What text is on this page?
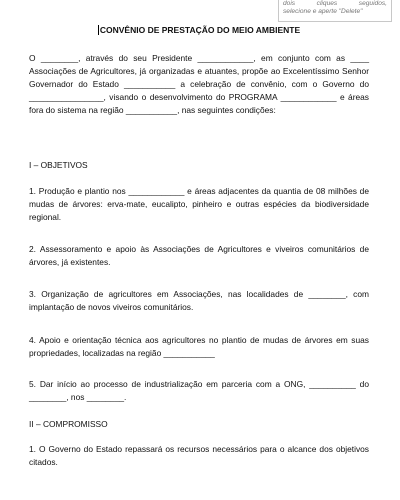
dois cliques seguidos,
selecione e aperte "Delete"
CONVÊNIO DE PRESTAÇÃO DO MEIO AMBIENTE

O ________, através do seu Presidente ____________, em conjunto com as ____ Associações de Agricultores, já organizadas e atuantes, propõe ao Excelentíssimo Senhor Governador do Estado ___________ a celebração de convênio, com o Governo do ________________, visando o desenvolvimento do PROGRAMA ____________ e áreas fora do sistema na região ___________, nas seguintes condições:

I – OBJETIVOS

1. Produção e plantio nos ____________ e áreas adjacentes da quantia de 08 milhões de mudas de árvores: erva-mate, eucalipto, pinheiro e outras espécies da biodiversidade regional.

2. Assessoramento e apoio às Associações de Agricultores e viveiros comunitários de árvores, já existentes.

3. Organização de agricultores em Associações, nas localidades de ________, com implantação de novos viveiros comunitários.

4. Apoio e orientação técnica aos agricultores no plantio de mudas de árvores em suas propriedades, localizadas na região ___________

5. Dar início ao processo de industrialização em parceria com a ONG, __________ do ________, nos ________.

II – COMPROMISSO

1. O Governo do Estado repassará os recursos necessários para o alcance dos objetivos citados.
